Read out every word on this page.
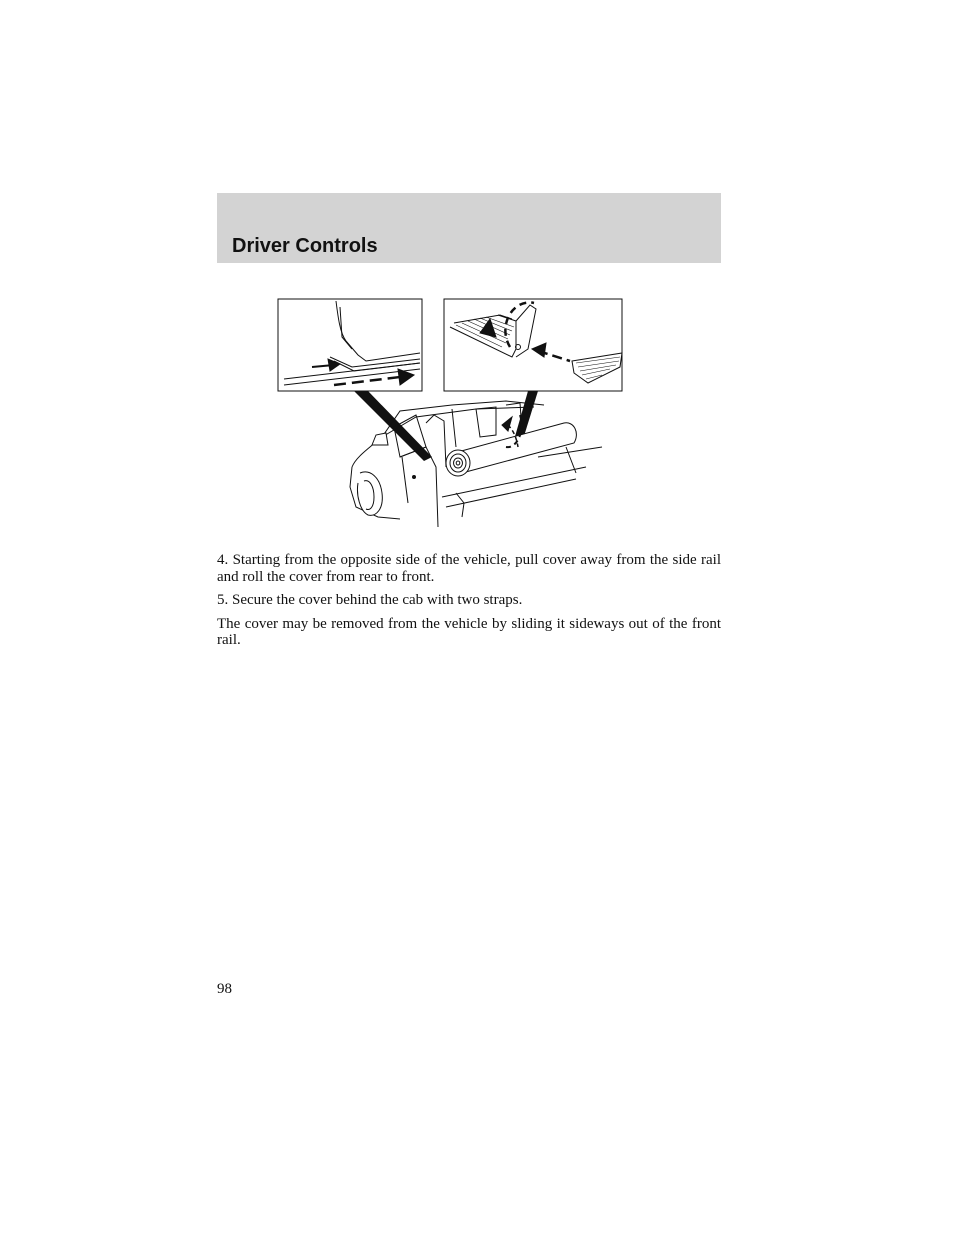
Driver Controls

4. Starting from the opposite side of the vehicle, pull cover away from the side rail and roll the cover from rear to front.

5. Secure the cover behind the cab with two straps.

The cover may be removed from the vehicle by sliding it sideways out of the front rail.

98
